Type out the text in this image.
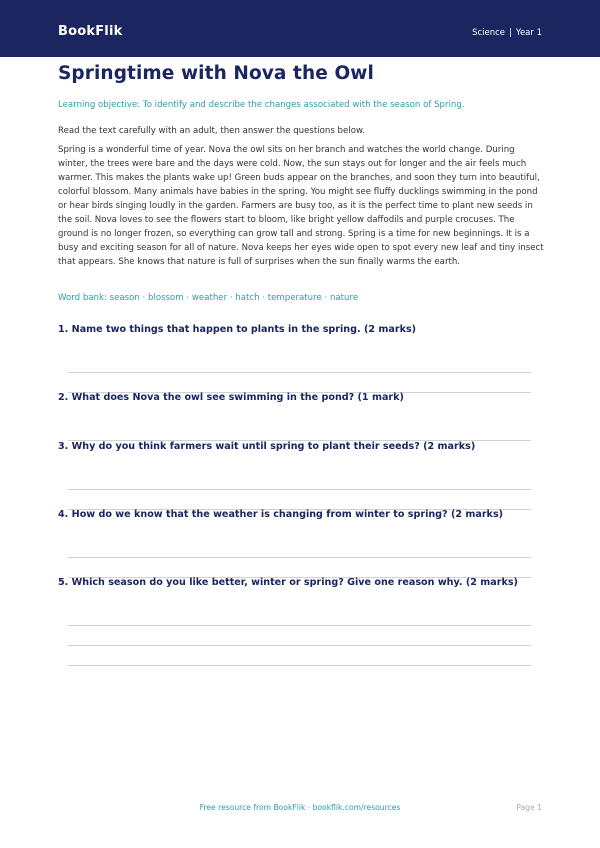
BookFlik	Science | Year 1
Springtime with Nova the Owl
Learning objective: To identify and describe the changes associated with the season of Spring.
Read the text carefully with an adult, then answer the questions below.

Spring is a wonderful time of year. Nova the owl sits on her branch and watches the world change. During winter, the trees were bare and the days were cold. Now, the sun stays out for longer and the air feels much warmer. This makes the plants wake up! Green buds appear on the branches, and soon they turn into beautiful, colorful blossom. Many animals have babies in the spring. You might see fluffy ducklings swimming in the pond or hear birds singing loudly in the garden. Farmers are busy too, as it is the perfect time to plant new seeds in the soil. Nova loves to see the flowers start to bloom, like bright yellow daffodils and purple crocuses. The ground is no longer frozen, so everything can grow tall and strong. Spring is a time for new beginnings. It is a busy and exciting season for all of nature. Nova keeps her eyes wide open to spot every new leaf and tiny insect that appears. She knows that nature is full of surprises when the sun finally warms the earth.

Word bank: season · blossom · weather · hatch · temperature · nature

1. Name two things that happen to plants in the spring. (2 marks)

2. What does Nova the owl see swimming in the pond? (1 mark)

3. Why do you think farmers wait until spring to plant their seeds? (2 marks)

4. How do we know that the weather is changing from winter to spring? (2 marks)

5. Which season do you like better, winter or spring? Give one reason why. (2 marks)

Free resource from BookFlik · bookflik.com/resources	Page 1
